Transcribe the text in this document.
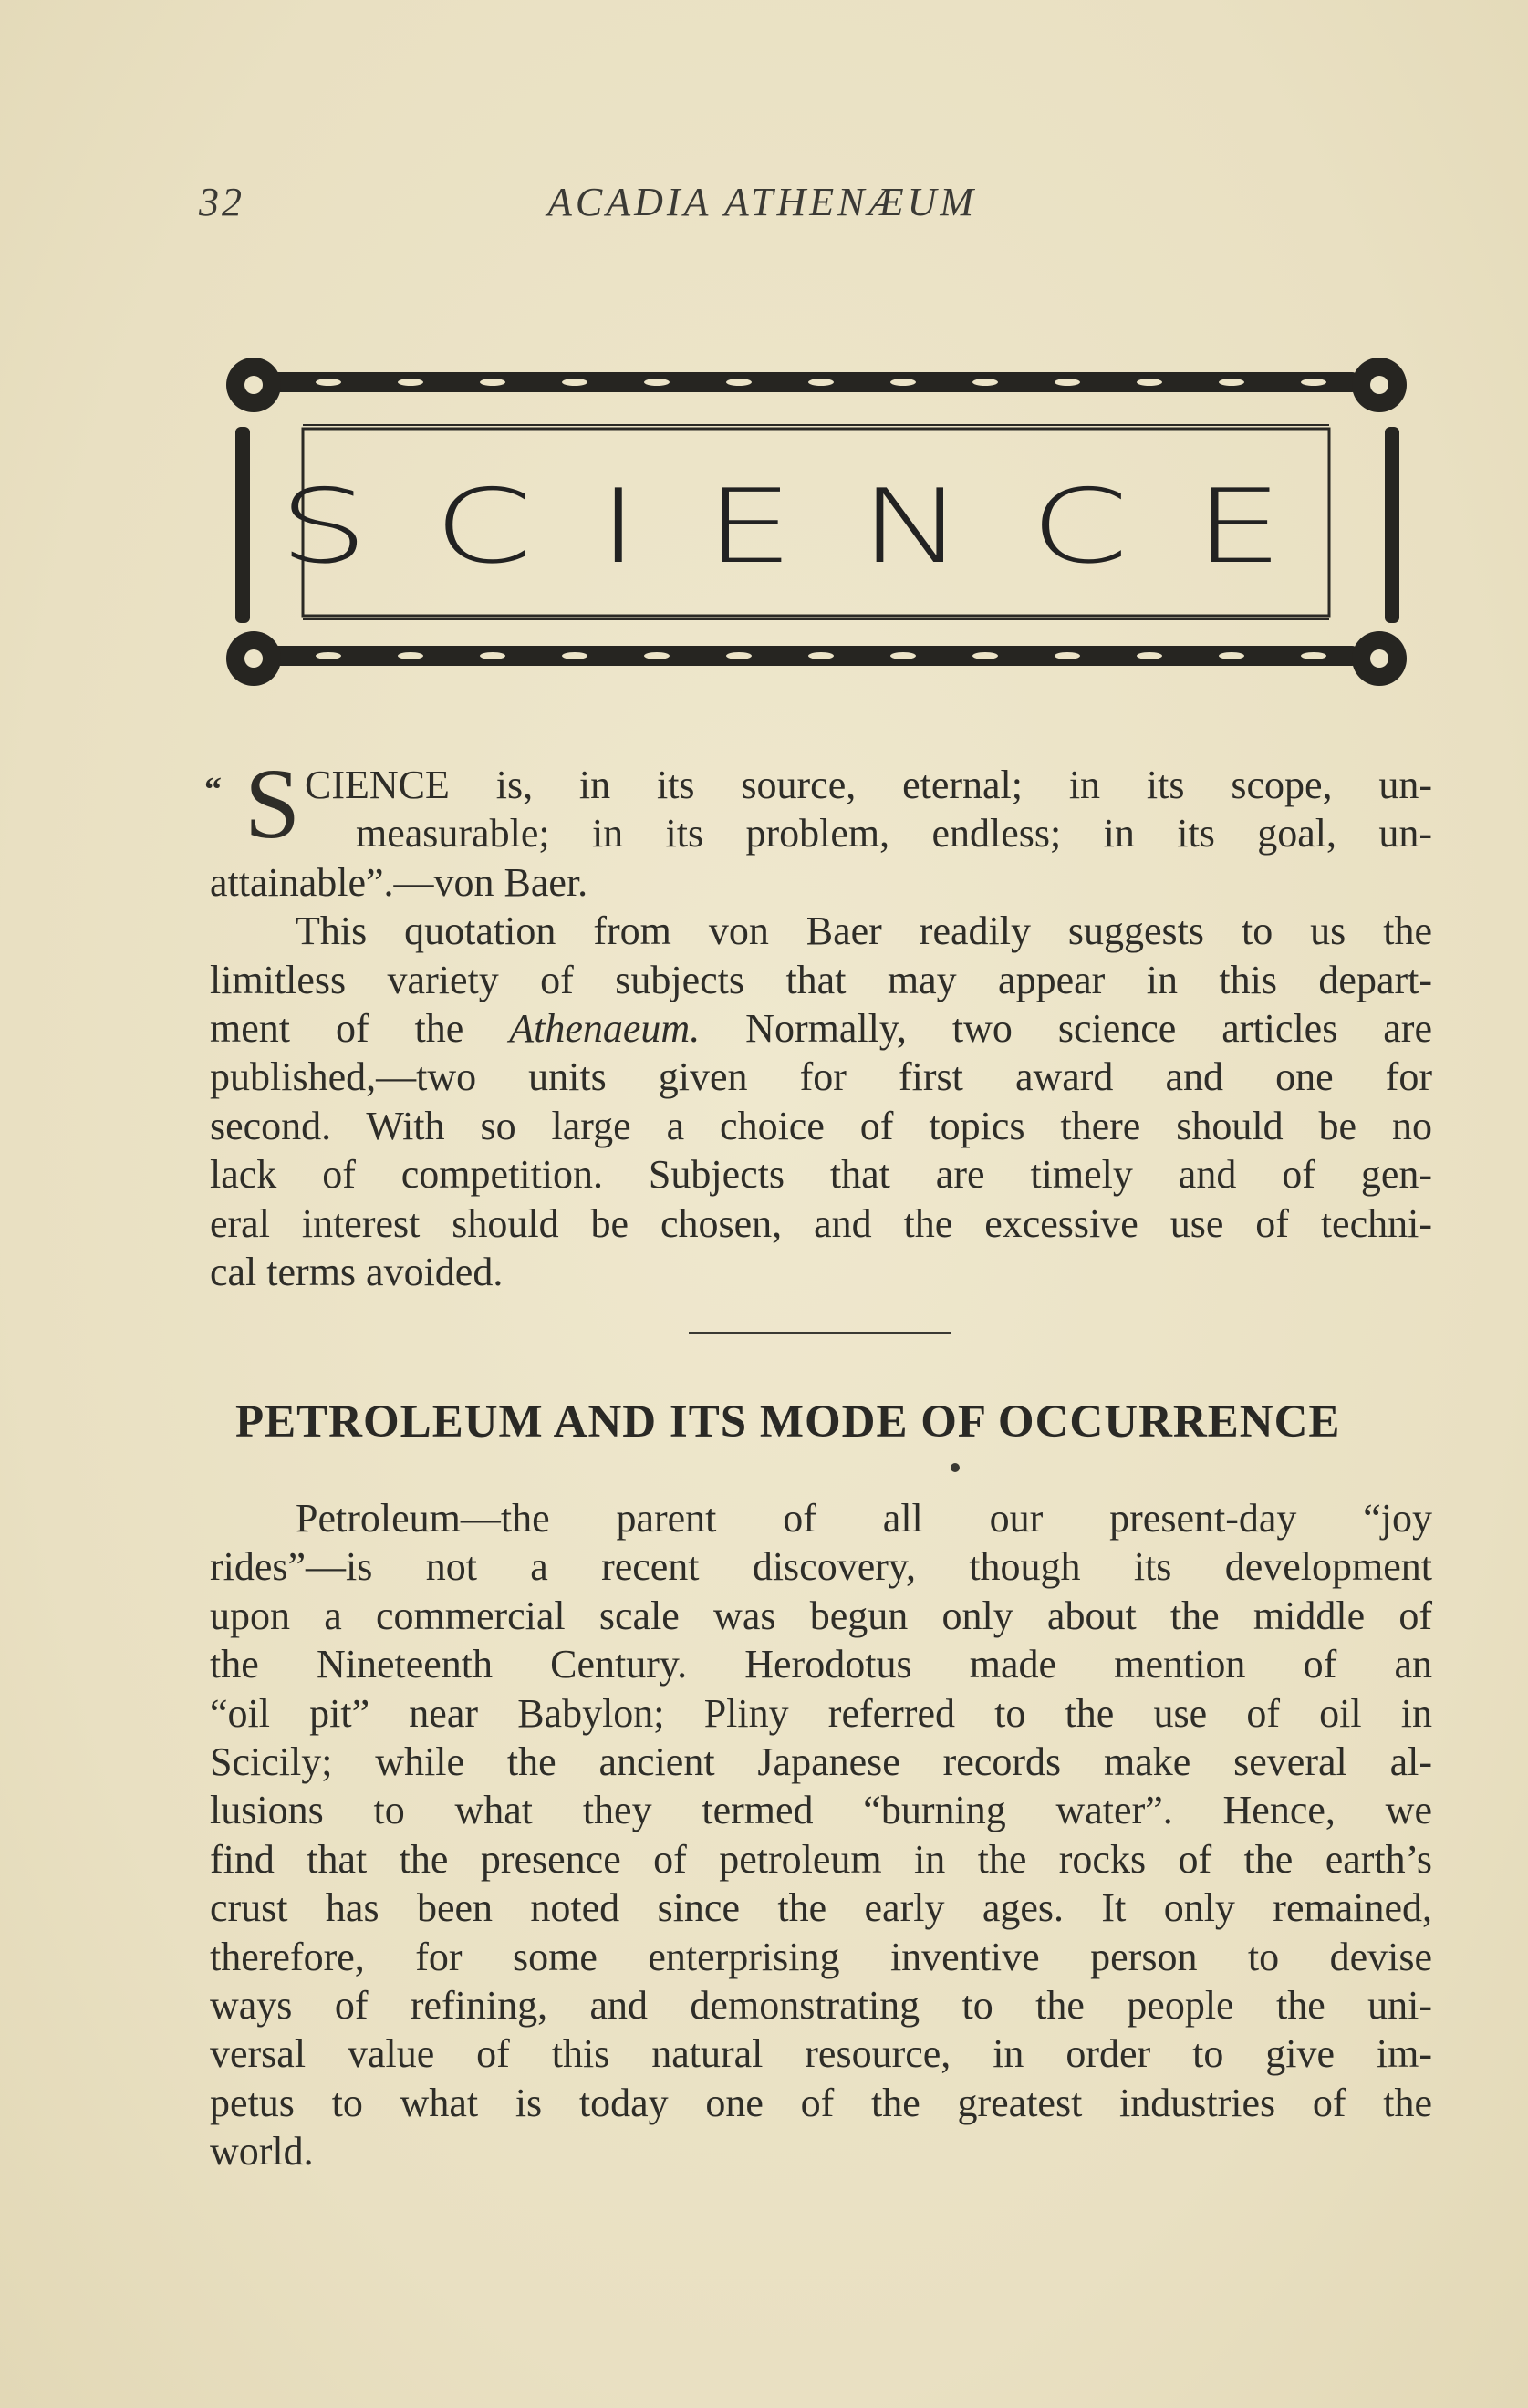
32	ACADIA ATHENÆUM
SCIENCE
“ S CIENCE is, in its source, eternal; in its scope, un-
measurable; in its problem, endless; in its goal, un-
attainable”.—von Baer.
This quotation from von Baer readily suggests to us the
limitless variety of subjects that may appear in this depart-
ment of the Athenaeum. Normally, two science articles are
published,—two units given for first award and one for
second. With so large a choice of topics there should be no
lack of competition. Subjects that are timely and of gen-
eral interest should be chosen, and the excessive use of techni-
cal terms avoided.
PETROLEUM AND ITS MODE OF OCCURRENCE
Petroleum—the parent of all our present-day “joy
rides”—is not a recent discovery, though its development
upon a commercial scale was begun only about the middle of
the Nineteenth Century. Herodotus made mention of an
“oil pit” near Babylon; Pliny referred to the use of oil in
Scicily; while the ancient Japanese records make several al-
lusions to what they termed “burning water”. Hence, we
find that the presence of petroleum in the rocks of the earth’s
crust has been noted since the early ages. It only remained,
therefore, for some enterprising inventive person to devise
ways of refining, and demonstrating to the people the uni-
versal value of this natural resource, in order to give im-
petus to what is today one of the greatest industries of the
world.
